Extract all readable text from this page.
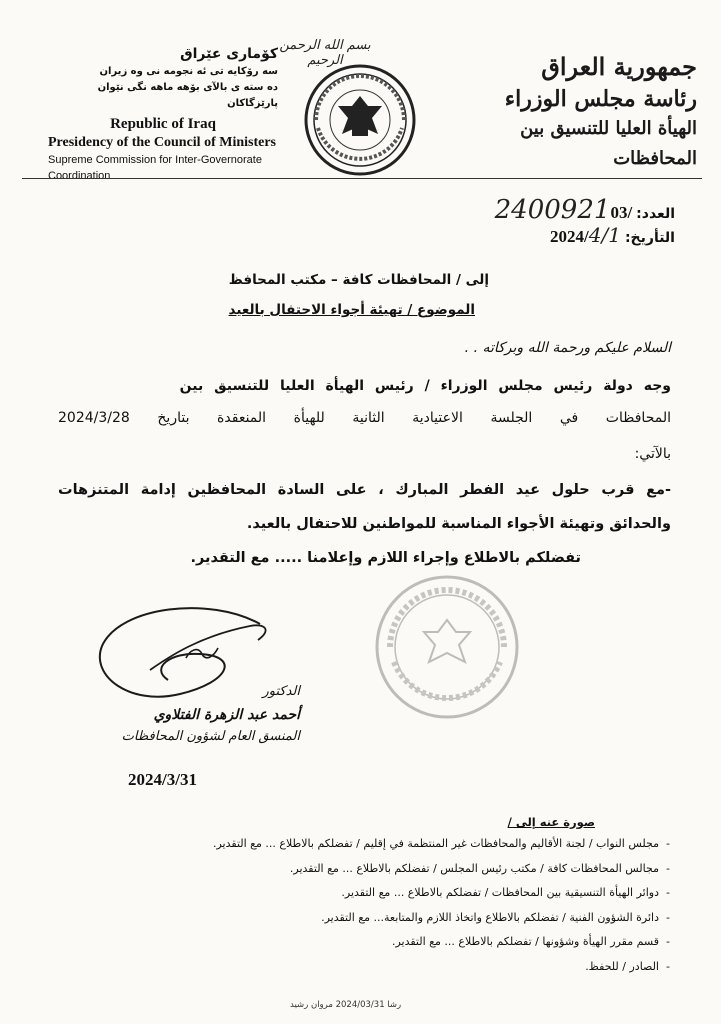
بسم الله الرحمن الرحيم	جمهورية العراق
رئاسة مجلس الوزراء
الهيأة العليا للتنسيق بين المحافظات
كۆماری عێراق
سه رۆکایه تی ئه نجومه نی وه زیران
ده سته ی بالآی بۆهه ماهه نگی نێوان پارێزگاکان
Republic of Iraq
Presidency of the Council of Ministers
Supreme Commission for Inter-Governorate Coordination
العدد:
2400921 03/
التأريخ:
2024/ 4/1
إلى / المحافظات كافة – مكتب المحافظ
الموضوع / تهيئة أجواء الاحتفال بالعيد
السلام عليكم ورحمة الله وبركاته . .
وجه دولة رئيس مجلس الوزراء / رئيس الهيأة العليا للتنسيق بين
المحافظات في الجلسة الاعتيادية الثانية للهيأة المنعقدة بتاريخ 2024/3/28
بالآتي:
-مع قرب حلول عيد الفطر المبارك ، على السادة المحافظين إدامة المتنزهات
والحدائق وتهيئة الأجواء المناسبة للمواطنين للاحتفال بالعيد.
تفضلكم بالاطلاع وإجراء اللازم وإعلامنا ..... مع التقدير.
الدكتور
أحمد عبد الزهرة الفتلاوي
المنسق العام لشؤون المحافظات
2024/3/31
صورة عنه إلى /
-مجلس النواب / لجنة الأقاليم والمحافظات غير المنتظمة في إقليم / تفضلكم بالاطلاع ... مع التقدير.
-مجالس المحافظات كافة / مكتب رئيس المجلس / تفضلكم بالاطلاع ... مع التقدير.
-دوائر الهيأة التنسيقية بين المحافظات / تفضلكم بالاطلاع ... مع التقدير.
-دائرة الشؤون الفنية / تفضلكم بالاطلاع واتخاذ اللازم والمتابعة... مع التقدير.
-قسم مقرر الهيأة وشؤونها / تفضلكم بالاطلاع ... مع التقدير.
-الصادر / للحفظ.
رشا 2024/03/31 مروان رشيد
